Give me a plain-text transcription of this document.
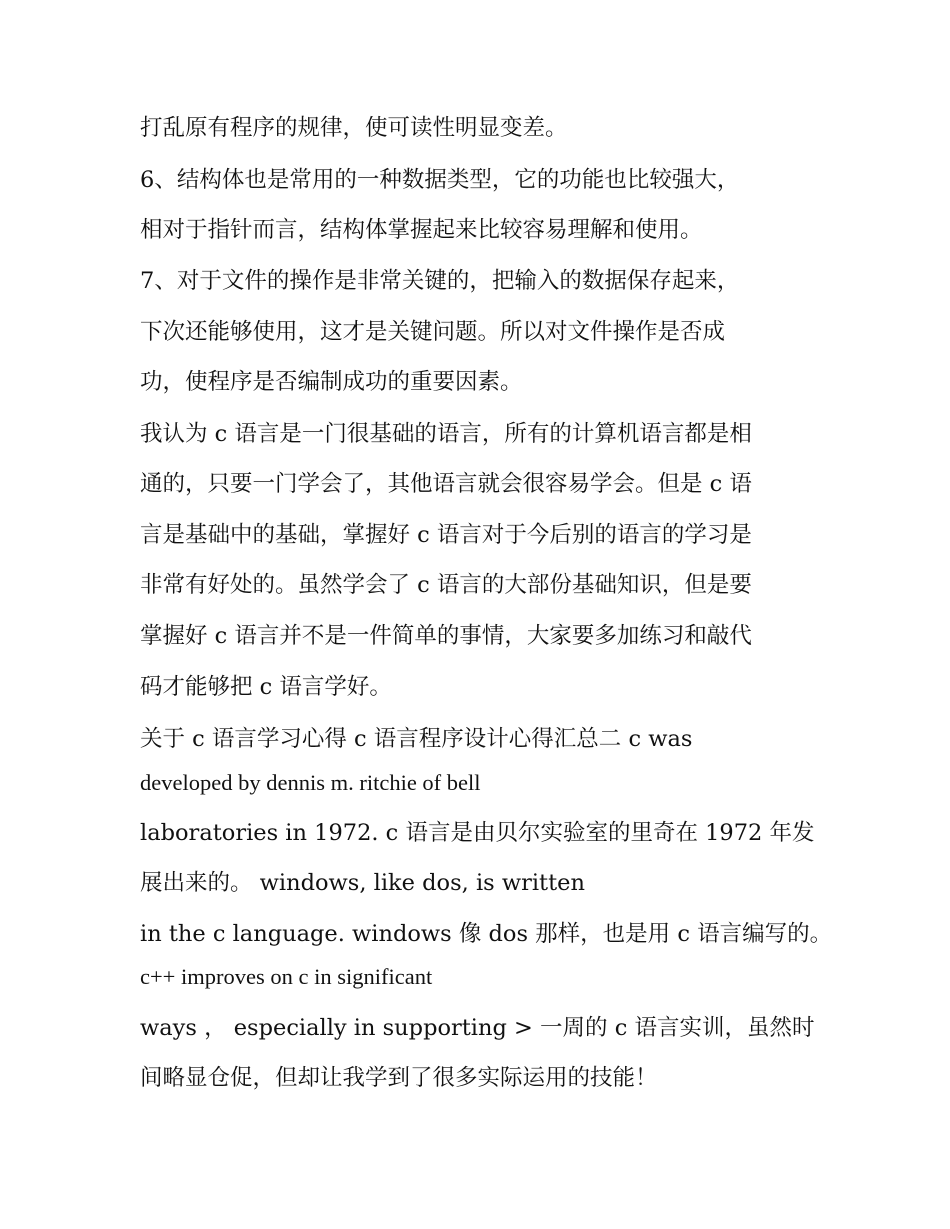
打乱原有程序的规律，使可读性明显变差。
6、结构体也是常用的一种数据类型，它的功能也比较强大，
相对于指针而言，结构体掌握起来比较容易理解和使用。
7、对于文件的操作是非常关键的，把输入的数据保存起来，
下次还能够使用，这才是关键问题。所以对文件操作是否成
功，使程序是否编制成功的重要因素。
我认为 c 语言是一门很基础的语言，所有的计算机语言都是相
通的，只要一门学会了，其他语言就会很容易学会。但是 c 语
言是基础中的基础，掌握好 c 语言对于今后别的语言的学习是
非常有好处的。虽然学会了 c 语言的大部份基础知识，但是要
掌握好 c 语言并不是一件简单的事情，大家要多加练习和敲代
码才能够把 c 语言学好。
关于 c 语言学习心得 c 语言程序设计心得汇总二 c was
developed by dennis m. ritchie of bell
laboratories in 1972. c 语言是由贝尔实验室的里奇在 1972 年发
展出来的。 windows, like dos, is written
in the c language. windows 像 dos 那样，也是用 c 语言编写的。
c++ improves on c in significant
ways ， especially in supporting > 一周的 c 语言实训，虽然时
间略显仓促，但却让我学到了很多实际运用的技能！
